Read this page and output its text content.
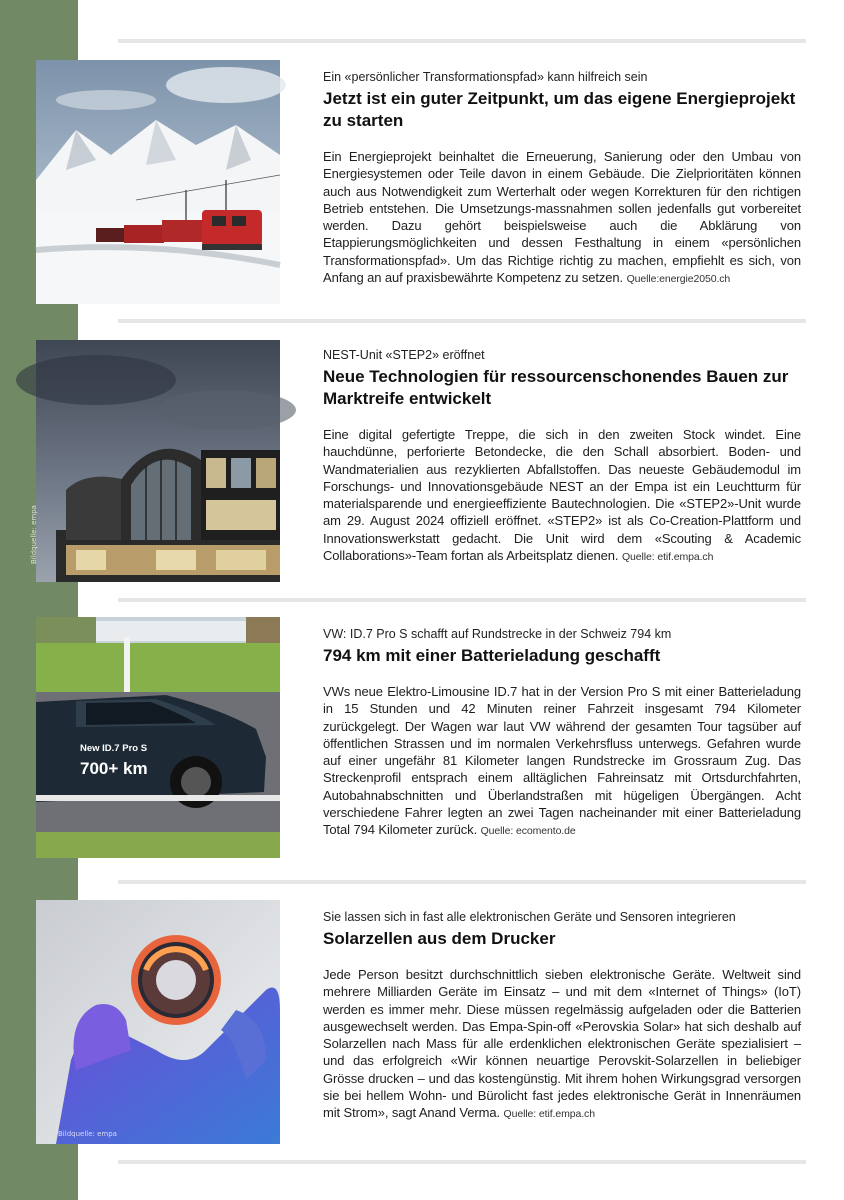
Ein «persönlicher Transformationspfad» kann hilfreich sein

Jetzt ist ein guter Zeitpunkt, um das eigene Energieprojekt zu starten

Ein Energieprojekt beinhaltet die Erneuerung, Sanierung oder den Umbau von Energiesystemen oder Teile davon in einem Gebäude. Die Zielprioritäten können auch aus Notwendigkeit zum Werterhalt oder wegen Korrekturen für den richtigen Betrieb entstehen. Die Umsetzungs-massnahmen sollen jedenfalls gut vorbereitet werden. Dazu gehört beispielsweise auch die Abklärung von Etappierungsmöglichkeiten und dessen Festhaltung in einem «persönlichen Transformationspfad». Um das Richtige richtig zu machen, empfiehlt es sich, von Anfang an auf praxisbewährte Kompetenz zu setzen. Quelle:energie2050.ch

Bildquelle: empa

NEST-Unit «STEP2» eröffnet

Neue Technologien für ressourcenschonendes Bauen zur Marktreife entwickelt

Eine digital gefertigte Treppe, die sich in den zweiten Stock windet. Eine hauchdünne, perforierte Betondecke, die den Schall absorbiert. Boden- und Wandmaterialien aus rezyklierten Abfallstoffen. Das neueste Gebäudemodul im Forschungs- und Innovationsgebäude NEST an der Empa ist ein Leuchtturm für materialsparende und energieeffiziente Bautechnologien. Die «STEP2»-Unit wurde am 29. August 2024 offiziell eröffnet. «STEP2» ist als Co-Creation-Plattform und Innovationswerkstatt gedacht. Die Unit wird dem «Scouting & Academic Collaborations»-Team fortan als Arbeitsplatz dienen. Quelle: etif.empa.ch

New ID.7 Pro S
700+ km

VW: ID.7 Pro S schafft auf Rundstrecke in der Schweiz 794 km

794 km mit einer Batterieladung geschafft

VWs neue Elektro-Limousine ID.7 hat in der Version Pro S mit einer Batterieladung in 15 Stunden und 42 Minuten reiner Fahrzeit insgesamt 794 Kilometer zurückgelegt. Der Wagen war laut VW während der gesamten Tour tagsüber auf öffentlichen Strassen und im normalen Verkehrsfluss unterwegs. Gefahren wurde auf einer ungefähr 81 Kilometer langen Rundstrecke im Grossraum Zug. Das Streckenprofil entsprach einem alltäglichen Fahreinsatz mit Ortsdurchfahrten, Autobahnabschnitten und Überlandstraßen mit hügeligen Übergängen. Acht verschiedene Fahrer legten an zwei Tagen nacheinander mit einer Batterieladung Total 794 Kilometer zurück. Quelle: ecomento.de

Bildquelle: empa

Sie lassen sich in fast alle elektronischen Geräte und Sensoren integrieren

Solarzellen aus dem Drucker

Jede Person besitzt durchschnittlich sieben elektronische Geräte. Weltweit sind mehrere Milliarden Geräte im Einsatz – und mit dem «Internet of Things» (IoT) werden es immer mehr. Diese müssen regelmässig aufgeladen oder die Batterien ausgewechselt werden. Das Empa-Spin-off «Perovskia Solar» hat sich deshalb auf Solarzellen nach Mass für alle erdenklichen elektronischen Geräte spezialisiert – und das erfolgreich «Wir können neuartige Perovskit-Solarzellen in beliebiger Grösse drucken – und das kostengünstig. Mit ihrem hohen Wirkungsgrad versorgen sie bei hellem Wohn- und Bürolicht fast jedes elektronische Gerät in Innenräumen mit Strom», sagt Anand Verma. Quelle: etif.empa.ch
